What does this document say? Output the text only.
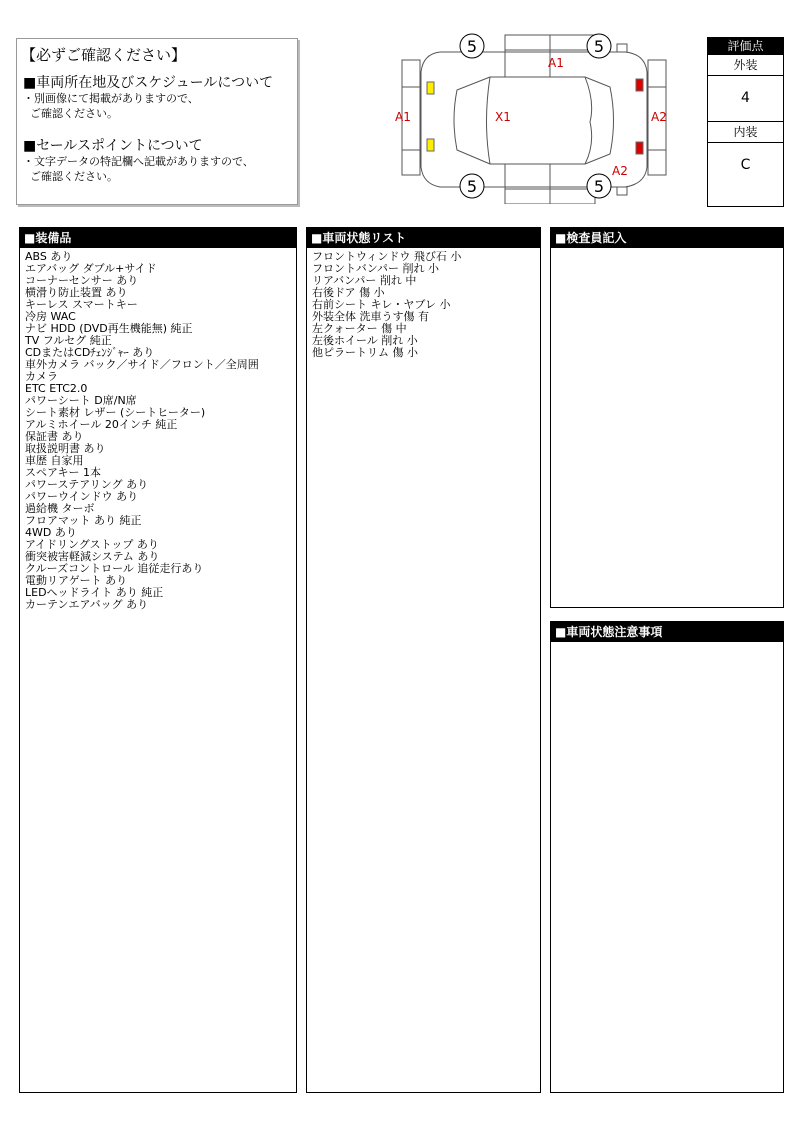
【必ずご確認ください】
■車両所在地及びスケジュールについて
・別画像にて掲載がありますので、
ご確認ください。
■セールスポイントについて
・文字データの特記欄へ記載がありますので、
ご確認ください。
5	5
5	5
A1
A1	X1	A2
A2
評価点
外装
4
内装
C
■装備品
ABS あり
エアバッグ ダブル+サイド
コーナーセンサー あり
横滑り防止装置 あり
キーレス スマートキー
冷房 WAC
ナビ HDD (DVD再生機能無) 純正
TV フルセグ 純正
CDまたはCDﾁｪﾝｼﾞｬｰ あり
車外カメラ バック／サイド／フロント／全周囲
カメラ
ETC ETC2.0
パワーシート D席/N席
シート素材 レザー (シートヒーター)
アルミホイール 20インチ 純正
保証書 あり
取扱説明書 あり
車歴 自家用
スペアキー 1本
パワーステアリング あり
パワーウインドウ あり
過給機 ターボ
フロアマット あり 純正
4WD あり
アイドリングストップ あり
衝突被害軽減システム あり
クルーズコントロール 追従走行あり
電動リアゲート あり
LEDヘッドライト あり 純正
カーテンエアバッグ あり
■車両状態リスト
フロントウィンドウ 飛び石 小
フロントバンパー 削れ 小
リアバンパー 削れ 中
右後ドア 傷 小
右前シート キレ・ヤブレ 小
外装全体 洗車うす傷 有
左クォーター 傷 中
左後ホイール 削れ 小
他ピラートリム 傷 小
■検査員記入
■車両状態注意事項
